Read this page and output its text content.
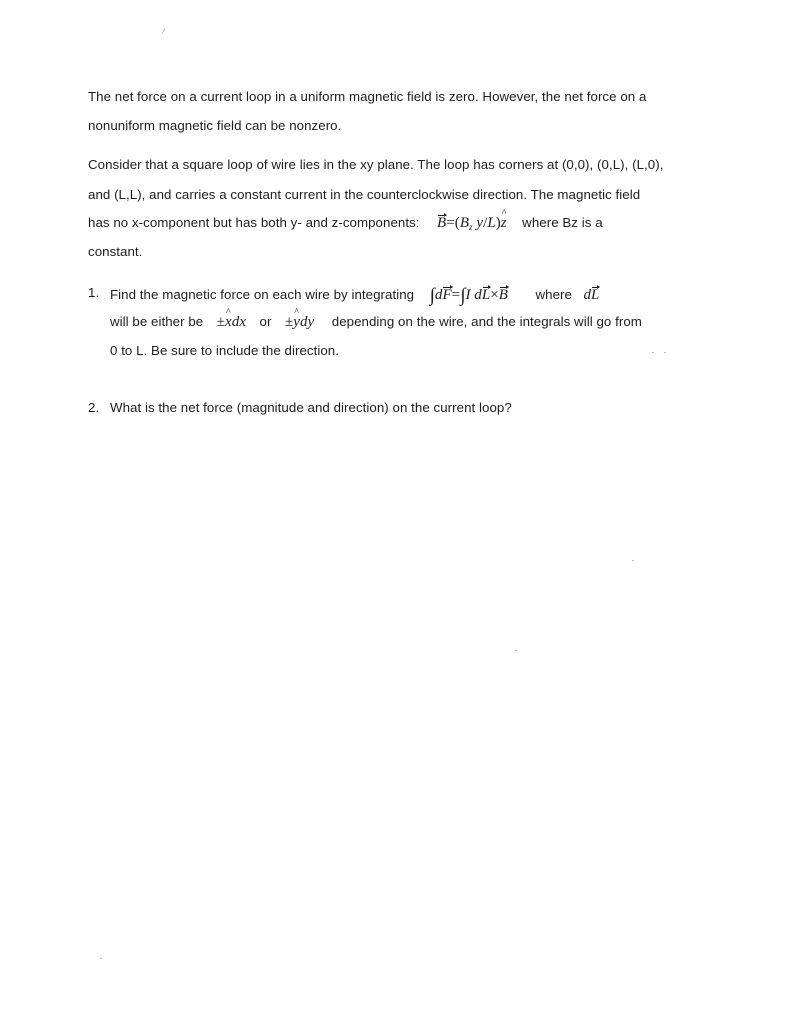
The net force on a current loop in a uniform magnetic field is zero. However, the net force on a
nonuniform magnetic field can be nonzero.
Consider that a square loop of wire lies in the xy plane. The loop has corners at (0,0), (0,L), (L,0),
and (L,L), and carries a constant current in the counterclockwise direction. The magnetic field
has no x-component but has both y- and z-components: $B=(B_z$ y/L)z ^ where Bz is a
constant.
1. Find the magnetic force on each wire by integrating ∫dF=∫I dL×B where dL
will be either be ±x ^dx or ±y ^dy depending on the wire, and the integrals will go from
0 to L. Be sure to include the direction.
2. What is the net force (magnitude and direction) on the current loop?
